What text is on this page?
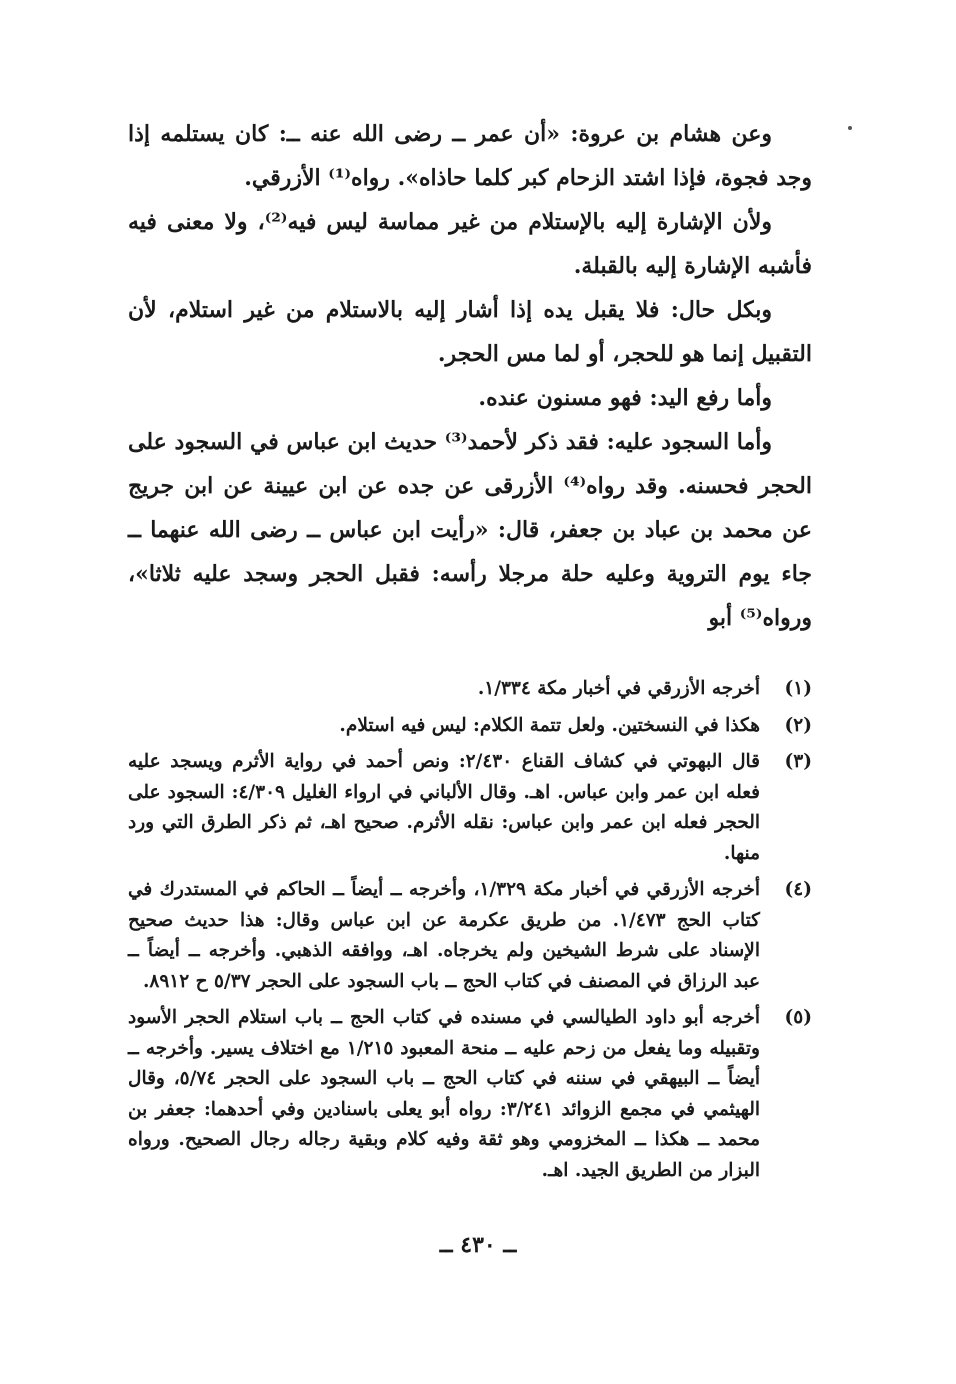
وعن هشام بن عروة: «أن عمر ــ رضى الله عنه ــ: كان يستلمه إذا وجد فجوة، فإذا اشتد الزحام كبر كلما حاذاه». رواه⁽¹⁾ الأزرقي.

ولأن الإشارة إليه بالإستلام من غير مماسة ليس فيه⁽²⁾، ولا معنى فيه فأشبه الإشارة إليه بالقبلة.

وبكل حال: فلا يقبل يده إذا أشار إليه بالاستلام من غير استلام، لأن التقبيل إنما هو للحجر، أو لما مس الحجر.

وأما رفع اليد: فهو مسنون عنده.

وأما السجود عليه: فقد ذكر لأحمد⁽³⁾ حديث ابن عباس في السجود على الحجر فحسنه. وقد رواه⁽⁴⁾ الأزرقى عن جده عن ابن عيينة عن ابن جريج عن محمد بن عباد بن جعفر، قال: «رأيت ابن عباس ــ رضى الله عنهما ــ جاء يوم التروية وعليه حلة مرجلا رأسه: فقبل الحجر وسجد عليه ثلاثا»، ورواه⁽⁵⁾ أبو

(١)
أخرجه الأزرقي في أخبار مكة ١/٣٣٤.
(٢)
هكذا في النسختين. ولعل تتمة الكلام: ليس فيه استلام.
(٣)
قال البهوتي في كشاف القناع ٢/٤٣٠: ونص أحمد في رواية الأثرم ويسجد عليه فعله ابن عمر وابن عباس. اهـ. وقال الألباني في ارواء الغليل ٤/٣٠٩: السجود على الحجر فعله ابن عمر وابن عباس: نقله الأثرم. صحيح اهـ، ثم ذكر الطرق التي ورد منها.
(٤)
أخرجه الأزرقي في أخبار مكة ١/٣٢٩، وأخرجه ــ أيضاً ــ الحاكم في المستدرك في كتاب الحج ١/٤٧٣. من طريق عكرمة عن ابن عباس وقال: هذا حديث صحيح الإسناد على شرط الشيخين ولم يخرجاه. اهـ، ووافقه الذهبي. وأخرجه ــ أيضاً ــ عبد الرزاق في المصنف في كتاب الحج ــ باب السجود على الحجر ٥/٣٧ ح ٨٩١٢.
(٥)
أخرجه أبو داود الطيالسي في مسنده في كتاب الحج ــ باب استلام الحجر الأسود وتقبيله وما يفعل من زحم عليه ــ منحة المعبود ١/٢١٥ مع اختلاف يسير. وأخرجه ــ أيضاً ــ البيهقي في سننه في كتاب الحج ــ باب السجود على الحجر ٥/٧٤، وقال الهيثمي في مجمع الزوائد ٣/٢٤١: رواه أبو يعلى باسنادين وفي أحدهما: جعفر بن محمد ــ هكذا ــ المخزومي وهو ثقة وفيه كلام وبقية رجاله رجال الصحيح. ورواه البزار من الطريق الجيد. اهـ.
ــ ٤٣٠ ــ
